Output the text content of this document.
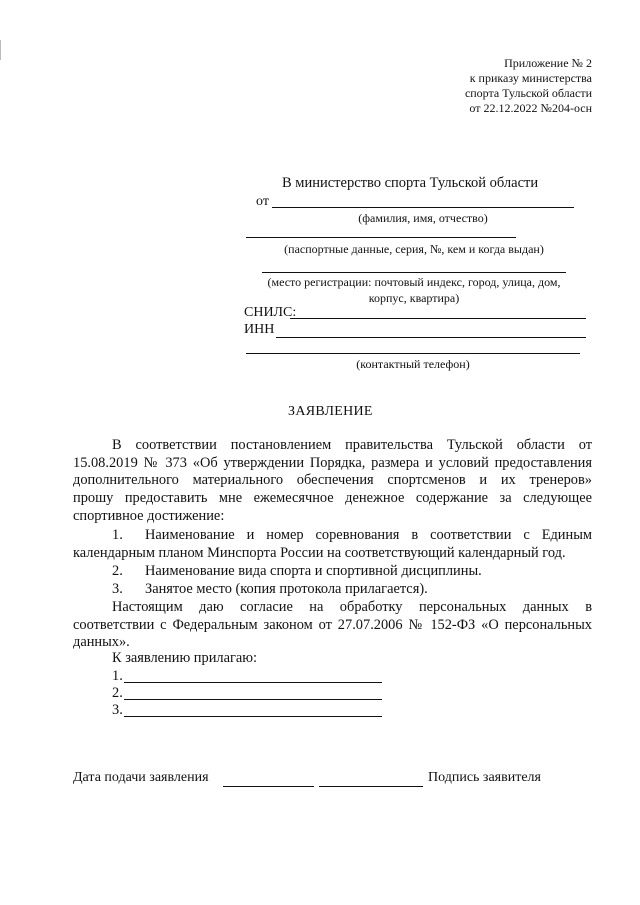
Приложение № 2
к приказу министерства
спорта Тульской области
от 22.12.2022 №204-осн
В министерство спорта Тульской области
от
(фамилия, имя, отчество)
(паспортные данные, серия, №, кем и когда выдан)
(место регистрации: почтовый индекс, город, улица, дом,
корпус, квартира)
СНИЛС:
ИНН
(контактный телефон)
ЗАЯВЛЕНИЕ
В соответствии постановлением правительства Тульской области от
15.08.2019 № 373 «Об утверждении Порядка, размера и условий предоставления
дополнительного материального обеспечения спортсменов и их тренеров»
прошу предоставить мне ежемесячное денежное содержание за следующее
спортивное достижение:
1. Наименование и номер соревнования в соответствии с Единым
календарным планом Минспорта России на соответствующий календарный год.
2. Наименование вида спорта и спортивной дисциплины.
3. Занятое место (копия протокола прилагается).
Настоящим даю согласие на обработку персональных данных в
соответствии с Федеральным законом от 27.07.2006 № 152-ФЗ «О персональных
данных».
К заявлению прилагаю:
1.
2.
3.
Дата подачи заявления	Подпись заявителя
